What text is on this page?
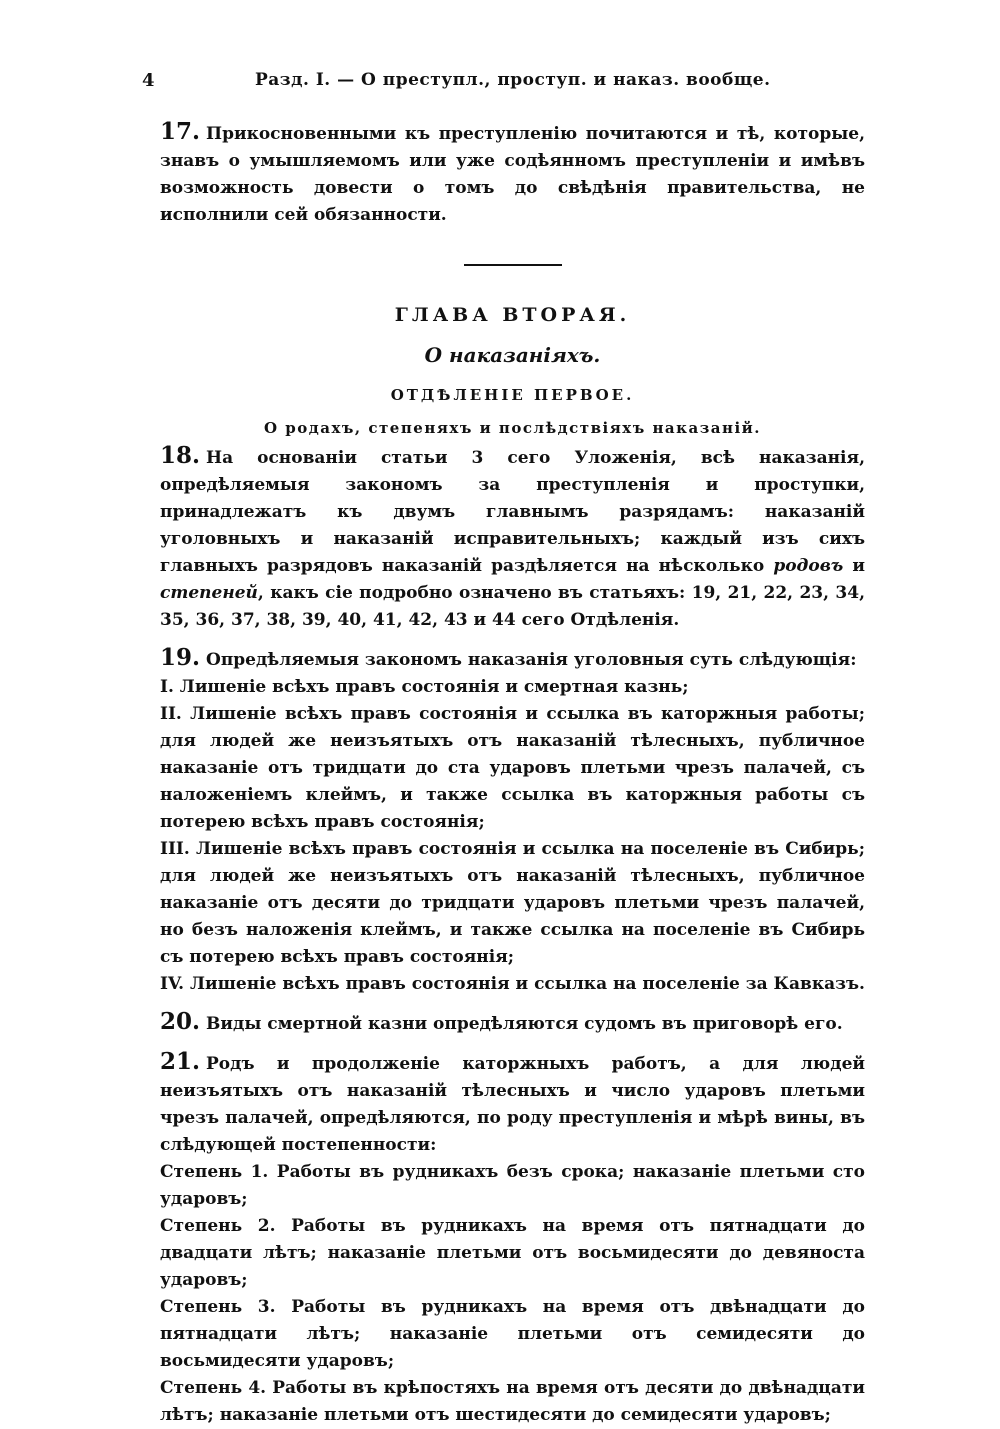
4	Разд. I. — О преступл., проступ. и наказ. вообще.

17. Прикосновенными къ преступленію почитаются и тѣ, которые, знавъ о умышляемомъ или уже содѣянномъ преступленіи и имѣвъ возможность довести о томъ до свѣдѣнія правительства, не исполнили сей обязанности.

ГЛАВА ВТОРАЯ.
О наказаніяхъ.
ОТДѢЛЕНІЕ ПЕРВОЕ.
О родахъ, степеняхъ и послѣдствіяхъ наказаній.

18. На основаніи статьи 3 сего Уложенія, всѣ наказанія, опредѣляемыя закономъ за преступленія и проступки, принадлежатъ къ двумъ главнымъ разрядамъ: наказаній уголовныхъ и наказаній исправительныхъ; каждый изъ сихъ главныхъ разрядовъ наказаній раздѣляется на нѣсколько родовъ и степеней, какъ сіе подробно означено въ статьяхъ: 19, 21, 22, 23, 34, 35, 36, 37, 38, 39, 40, 41, 42, 43 и 44 сего Отдѣленія.

19. Опредѣляемыя закономъ наказанія уголовныя суть слѣдующія:

I. Лишеніе всѣхъ правъ состоянія и смертная казнь;

II. Лишеніе всѣхъ правъ состоянія и ссылка въ каторжныя работы; для людей же неизъятыхъ отъ наказаній тѣлесныхъ, публичное наказаніе отъ тридцати до ста ударовъ плетьми чрезъ палачей, съ наложеніемъ клеймъ, и также ссылка въ каторжныя работы съ потерею всѣхъ правъ состоянія;

III. Лишеніе всѣхъ правъ состоянія и ссылка на поселеніе въ Сибирь; для людей же неизъятыхъ отъ наказаній тѣлесныхъ, публичное наказаніе отъ десяти до тридцати ударовъ плетьми чрезъ палачей, но безъ наложенія клеймъ, и также ссылка на поселеніе въ Сибирь съ потерею всѣхъ правъ состоянія;

IV. Лишеніе всѣхъ правъ состоянія и ссылка на поселеніе за Кавказъ.

20. Виды смертной казни опредѣляются судомъ въ приговорѣ его.

21. Родъ и продолженіе каторжныхъ работъ, а для людей неизъятыхъ отъ наказаній тѣлесныхъ и число ударовъ плетьми чрезъ палачей, опредѣляются, по роду преступленія и мѣрѣ вины, въ слѣдующей постепенности:

Степень 1. Работы въ рудникахъ безъ срока; наказаніе плетьми сто ударовъ;

Степень 2. Работы въ рудникахъ на время отъ пятнадцати до двадцати лѣтъ; наказаніе плетьми отъ восьмидесяти до девяноста ударовъ;

Степень 3. Работы въ рудникахъ на время отъ двѣнадцати до пятнадцати лѣтъ; наказаніе плетьми отъ семидесяти до восьмидесяти ударовъ;

Степень 4. Работы въ крѣпостяхъ на время отъ десяти до двѣнадцати лѣтъ; наказаніе плетьми отъ шестидесяти до семидесяти ударовъ;
